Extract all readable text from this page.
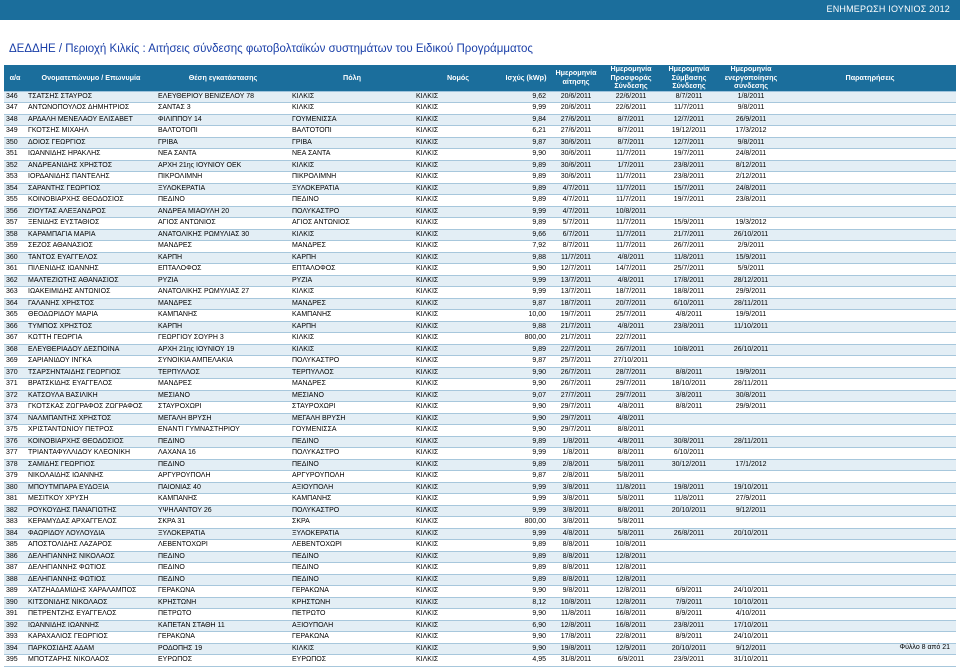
ΕΝΗΜΕΡΩΣΗ ΙΟΥΝΙΟΣ 2012
ΔΕΔΔΗΕ / Περιοχή Κιλκίς : Αιτήσεις σύνδεσης φωτοβολταϊκών συστημάτων του Ειδικού Προγράμματος
α/α	Ονοματεπώνυμο / Επωνυμία	Θέση εγκατάστασης	Πόλη	Νομός	Ισχύς (kWp)	Ημερομηνία αίτησης	Ημερομηνία Προσφοράς Σύνδεσης	Ημερομηνία Σύμβασης Σύνδεσης	Ημερομηνία ενεργοποίησης σύνδεσης	Παρατηρήσεις
346	ΤΣΑΤΣΗΣ ΣΤΑΥΡΟΣ	ΕΛΕΥΘΕΡΙΟΥ ΒΕΝΙΖΕΛΟΥ 78	ΚΙΛΚΙΣ	ΚΙΛΚΙΣ	9,62	20/6/2011	22/6/2011	8/7/2011	1/8/2011	
347	ΑΝΤΩΝΟΠΟΥΛΟΣ ΔΗΜΗΤΡΙΟΣ	ΣΑΝΤΑΣ 3	ΚΙΛΚΙΣ	ΚΙΛΚΙΣ	9,99	20/6/2011	22/6/2011	11/7/2011	9/8/2011	
348	ΑΡΔΑΛΗ ΜΕΝΕΛΑΟΥ ΕΛΙΣΑΒΕΤ	ΦΙΛΙΠΠΟΥ 14	ΓΟΥΜΕΝΙΣΣΑ	ΚΙΛΚΙΣ	9,84	27/6/2011	8/7/2011	12/7/2011	26/9/2011	
349	ΓΚΟΤΣΗΣ ΜΙΧΑΗΛ	ΒΑΛΤΟΤΟΠΙ	ΒΑΛΤΟΤΟΠΙ	ΚΙΛΚΙΣ	6,21	27/6/2011	8/7/2011	19/12/2011	17/3/2012	
350	ΔΟΙΟΣ ΓΕΩΡΓΙΟΣ	ΓΡΙΒΑ	ΓΡΙΒΑ	ΚΙΛΚΙΣ	9,87	30/6/2011	8/7/2011	12/7/2011	9/8/2011	
351	ΙΩΑΝΝΙΔΗΣ ΗΡΑΚΛΗΣ	ΝΕΑ ΣΑΝΤΑ	ΝΕΑ ΣΑΝΤΑ	ΚΙΛΚΙΣ	9,90	30/6/2011	11/7/2011	19/7/2011	24/8/2011	
352	ΑΝΔΡΕΑΝΙΔΗΣ ΧΡΗΣΤΟΣ	ΑΡΧΗ 21ης ΙΟΥΝΙΟΥ ΟΕΚ	ΚΙΛΚΙΣ	ΚΙΛΚΙΣ	9,89	30/6/2011	1/7/2011	23/8/2011	8/12/2011	
353	ΙΟΡΔΑΝΙΔΗΣ ΠΑΝΤΕΛΗΣ	ΠΙΚΡΟΛΙΜΝΗ	ΠΙΚΡΟΛΙΜΝΗ	ΚΙΛΚΙΣ	9,89	30/6/2011	11/7/2011	23/8/2011	2/12/2011	
354	ΣΑΡΑΝΤΗΣ ΓΕΩΡΓΙΟΣ	ΞΥΛΟΚΕΡΑΤΙΑ	ΞΥΛΟΚΕΡΑΤΙΑ	ΚΙΛΚΙΣ	9,89	4/7/2011	11/7/2011	15/7/2011	24/8/2011	
355	ΚΟΙΝΟΒΙΑΡΧΗΣ ΘΕΟΔΟΣΙΟΣ	ΠΕΔΙΝΟ	ΠΕΔΙΝΟ	ΚΙΛΚΙΣ	9,89	4/7/2011	11/7/2011	19/7/2011	23/8/2011	
356	ΖΙΟΥΤΑΣ ΑΛΕΞΑΝΔΡΟΣ	ΑΝΔΡΕΑ ΜΙΑΟΥΛΗ 20	ΠΟΛΥΚΑΣΤΡΟ	ΚΙΛΚΙΣ	9,99	4/7/2011	10/8/2011			
357	ΞΕΝΙΔΗΣ ΕΥΣΤΑΘΙΟΣ	ΑΓΙΟΣ ΑΝΤΩΝΙΟΣ	ΑΓΙΟΣ ΑΝΤΩΝΙΟΣ	ΚΙΛΚΙΣ	9,89	5/7/2011	11/7/2011	15/9/2011	19/3/2012	
358	ΚΑΡΑΜΠΑΓΙΑ ΜΑΡΙΑ	ΑΝΑΤΟΛΙΚΗΣ ΡΩΜΥΛΙΑΣ 30	ΚΙΛΚΙΣ	ΚΙΛΚΙΣ	9,66	6/7/2011	11/7/2011	21/7/2011	26/10/2011	
359	ΣΕΖΟΣ ΑΘΑΝΑΣΙΟΣ	ΜΑΝΔΡΕΣ	ΜΑΝΔΡΕΣ	ΚΙΛΚΙΣ	7,92	8/7/2011	11/7/2011	26/7/2011	2/9/2011	
360	ΤΑΝΤΟΣ ΕΥΑΓΓΕΛΟΣ	ΚΑΡΠΗ	ΚΑΡΠΗ	ΚΙΛΚΙΣ	9,88	11/7/2011	4/8/2011	11/8/2011	15/9/2011	
361	ΠΙΛΕΝΙΔΗΣ ΙΩΑΝΝΗΣ	ΕΠΤΑΛΟΦΟΣ	ΕΠΤΑΛΟΦΟΣ	ΚΙΛΚΙΣ	9,90	12/7/2011	14/7/2011	25/7/2011	5/9/2011	
362	ΜΑΛΤΕΖΙΩΤΗΣ ΑΘΑΝΑΣΙΟΣ	ΡΥΖΙΑ	ΡΥΖΙΑ	ΚΙΛΚΙΣ	9,99	13/7/2011	4/8/2011	17/8/2011	28/12/2011	
363	ΙΩΑΚΕΙΜΙΔΗΣ ΑΝΤΩΝΙΟΣ	ΑΝΑΤΟΛΙΚΗΣ ΡΩΜΥΛΙΑΣ 27	ΚΙΛΚΙΣ	ΚΙΛΚΙΣ	9,99	13/7/2011	18/7/2011	18/8/2011	29/9/2011	
364	ΓΑΛΑΝΗΣ ΧΡΗΣΤΟΣ	ΜΑΝΔΡΕΣ	ΜΑΝΔΡΕΣ	ΚΙΛΚΙΣ	9,87	18/7/2011	20/7/2011	6/10/2011	28/11/2011	
365	ΘΕΟΔΩΡΙΔΟΥ ΜΑΡΙΑ	ΚΑΜΠΑΝΗΣ	ΚΑΜΠΑΝΗΣ	ΚΙΛΚΙΣ	10,00	19/7/2011	25/7/2011	4/8/2011	19/9/2011	
366	ΤΥΜΠΟΣ ΧΡΗΣΤΟΣ	ΚΑΡΠΗ	ΚΑΡΠΗ	ΚΙΛΚΙΣ	9,88	21/7/2011	4/8/2011	23/8/2011	11/10/2011	
367	ΚΩΤΤΗ ΓΕΩΡΓΙΑ	ΓΕΩΡΓΙΟΥ ΣΟΥΡΗ 3	ΚΙΛΚΙΣ	ΚΙΛΚΙΣ	800,00	21/7/2011	22/7/2011			
368	ΕΛΕΥΘΕΡΙΑΔΟΥ ΔΕΣΠΟΙΝΑ	ΑΡΧΗ 21ης ΙΟΥΝΙΟΥ 19	ΚΙΛΚΙΣ	ΚΙΛΚΙΣ	9,89	22/7/2011	26/7/2011	10/8/2011	26/10/2011	
369	ΣΑΡΙΑΝΙΔΟΥ ΙΝΓΚΑ	ΣΥΝΟΙΚΙΑ ΑΜΠΕΛΑΚΙΑ	ΠΟΛΥΚΑΣΤΡΟ	ΚΙΛΚΙΣ	9,87	25/7/2011	27/10/2011			
370	ΤΣΑΡΣΗΝΤΑΙΔΗΣ ΓΕΩΡΓΙΟΣ	ΤΕΡΠΥΛΛΟΣ	ΤΕΡΠΥΛΛΟΣ	ΚΙΛΚΙΣ	9,90	26/7/2011	28/7/2011	8/8/2011	19/9/2011	
371	ΒΡΑΤΣΚΙΔΗΣ ΕΥΑΓΓΕΛΟΣ	ΜΑΝΔΡΕΣ	ΜΑΝΔΡΕΣ	ΚΙΛΚΙΣ	9,90	26/7/2011	29/7/2011	18/10/2011	28/11/2011	
372	ΚΑΤΣΟΥΛΑ ΒΑΣΙΛΙΚΗ	ΜΕΣΙΑΝΟ	ΜΕΣΙΑΝΟ	ΚΙΛΚΙΣ	9,07	27/7/2011	29/7/2011	3/8/2011	30/8/2011	
373	ΓΚΟΤΣΚΑΣ ΖΩΓΡΑΦΟΣ ΖΩΓΡΑΦΟΣ	ΣΤΑΥΡΟΧΩΡΙ	ΣΤΑΥΡΟΧΩΡΙ	ΚΙΛΚΙΣ	9,90	29/7/2011	4/8/2011	8/8/2011	29/9/2011	
374	ΝΑΛΜΠΑΝΤΗΣ ΧΡΗΣΤΟΣ	ΜΕΓΑΛΗ ΒΡΥΣΗ	ΜΕΓΑΛΗ ΒΡΥΣΗ	ΚΙΛΚΙΣ	9,90	29/7/2011	4/8/2011			
375	ΧΡΙΣΤΑΝΤΩΝΙΟΥ ΠΕΤΡΟΣ	ΕΝΑΝΤΙ ΓΥΜΝΑΣΤΗΡΙΟΥ	ΓΟΥΜΕΝΙΣΣΑ	ΚΙΛΚΙΣ	9,90	29/7/2011	8/8/2011			
376	ΚΟΙΝΟΒΙΑΡΧΗΣ ΘΕΟΔΟΣΙΟΣ	ΠΕΔΙΝΟ	ΠΕΔΙΝΟ	ΚΙΛΚΙΣ	9,89	1/8/2011	4/8/2011	30/8/2011	28/11/2011	
377	ΤΡΙΑΝΤΑΦΥΛΛΙΔΟΥ ΚΛΕΟΝΙΚΗ	ΛΑΧΑΝΑ 16	ΠΟΛΥΚΑΣΤΡΟ	ΚΙΛΚΙΣ	9,99	1/8/2011	8/8/2011	6/10/2011		
378	ΣΑΜΙΔΗΣ ΓΕΩΡΓΙΟΣ	ΠΕΔΙΝΟ	ΠΕΔΙΝΟ	ΚΙΛΚΙΣ	9,89	2/8/2011	5/8/2011	30/12/2011	17/1/2012	
379	ΝΙΚΟΛΑΙΔΗΣ ΙΩΑΝΝΗΣ	ΑΡΓΥΡΟΥΠΟΛΗ	ΑΡΓΥΡΟΥΠΟΛΗ	ΚΙΛΚΙΣ	9,87	2/8/2011	5/8/2011			
380	ΜΠΟΥΤΜΠΑΡΑ ΕΥΔΟΞΙΑ	ΠΑΙΟΝΙΑΣ 40	ΑΞΙΟΥΠΟΛΗ	ΚΙΛΚΙΣ	9,99	3/8/2011	11/8/2011	19/8/2011	19/10/2011	
381	ΜΕΣΙΤΚΟΥ ΧΡΥΣΗ	ΚΑΜΠΑΝΗΣ	ΚΑΜΠΑΝΗΣ	ΚΙΛΚΙΣ	9,99	3/8/2011	5/8/2011	11/8/2011	27/9/2011	
382	ΡΟΥΚΟΥΔΗΣ ΠΑΝΑΓΙΩΤΗΣ	ΥΨΗΛΑΝΤΟΥ 26	ΠΟΛΥΚΑΣΤΡΟ	ΚΙΛΚΙΣ	9,99	3/8/2011	8/8/2011	20/10/2011	9/12/2011	
383	ΚΕΡΑΜΥΔΑΣ ΑΡΧΑΓΓΕΛΟΣ	ΣΚΡΑ 31	ΣΚΡΑ	ΚΙΛΚΙΣ	800,00	3/8/2011	5/8/2011			
384	ΦΑΩΡΙΔΟΥ ΛΟΥΛΟΥΔΙΑ	ΞΥΛΟΚΕΡΑΤΙΑ	ΞΥΛΟΚΕΡΑΤΙΑ	ΚΙΛΚΙΣ	9,99	4/8/2011	5/8/2011	26/8/2011	20/10/2011	
385	ΑΠΟΣΤΟΛΙΔΗΣ ΛΑΖΑΡΟΣ	ΛΕΒΕΝΤΟΧΩΡΙ	ΛΕΒΕΝΤΟΧΩΡΙ	ΚΙΛΚΙΣ	9,89	8/8/2011	10/8/2011			
386	ΔΕΛΗΓΙΑΝΝΗΣ ΝΙΚΟΛΑΟΣ	ΠΕΔΙΝΟ	ΠΕΔΙΝΟ	ΚΙΛΚΙΣ	9,89	8/8/2011	12/8/2011			
387	ΔΕΛΗΓΙΑΝΝΗΣ ΦΩΤΙΟΣ	ΠΕΔΙΝΟ	ΠΕΔΙΝΟ	ΚΙΛΚΙΣ	9,89	8/8/2011	12/8/2011			
388	ΔΕΛΗΓΙΑΝΝΗΣ ΦΩΤΙΟΣ	ΠΕΔΙΝΟ	ΠΕΔΙΝΟ	ΚΙΛΚΙΣ	9,89	8/8/2011	12/8/2011			
389	ΧΑΤΖΗΑΔΑΜΙΔΗΣ ΧΑΡΑΛΑΜΠΟΣ	ΓΕΡΑΚΩΝΑ	ΓΕΡΑΚΩΝΑ	ΚΙΛΚΙΣ	9,90	9/8/2011	12/8/2011	6/9/2011	24/10/2011	
390	ΚΙΤΣΟΝΙΔΗΣ ΝΙΚΟΛΑΟΣ	ΚΡΗΣΤΩΝΗ	ΚΡΗΣΤΩΝΗ	ΚΙΛΚΙΣ	8,12	10/8/2011	12/8/2011	7/9/2011	10/10/2011	
391	ΠΕΤΡΕΝΤΖΗΣ ΕΥΑΓΓΕΛΟΣ	ΠΕΤΡΩΤΟ	ΠΕΤΡΩΤΟ	ΚΙΛΚΙΣ	9,90	11/8/2011	16/8/2011	8/9/2011	4/10/2011	
392	ΙΩΑΝΝΙΔΗΣ ΙΩΑΝΝΗΣ	ΚΑΠΕΤΑΝ ΣΤΑΘΗ 11	ΑΞΙΟΥΠΟΛΗ	ΚΙΛΚΙΣ	6,90	12/8/2011	16/8/2011	23/8/2011	17/10/2011	
393	ΚΑΡΑΧΑΛΙΟΣ ΓΕΩΡΓΙΟΣ	ΓΕΡΑΚΩΝΑ	ΓΕΡΑΚΩΝΑ	ΚΙΛΚΙΣ	9,90	17/8/2011	22/8/2011	8/9/2011	24/10/2011	
394	ΠΑΡΚΟΣΙΔΗΣ ΑΔΑΜ	ΡΟΔΟΠΗΣ 19	ΚΙΛΚΙΣ	ΚΙΛΚΙΣ	9,90	19/8/2011	12/9/2011	20/10/2011	9/12/2011	
395	ΜΠΟΤΖΑΡΗΣ ΝΙΚΟΛΑΟΣ	ΕΥΡΩΠΟΣ	ΕΥΡΩΠΟΣ	ΚΙΛΚΙΣ	4,95	31/8/2011	6/9/2011	23/9/2011	31/10/2011	
Φύλλο 8 από 21
